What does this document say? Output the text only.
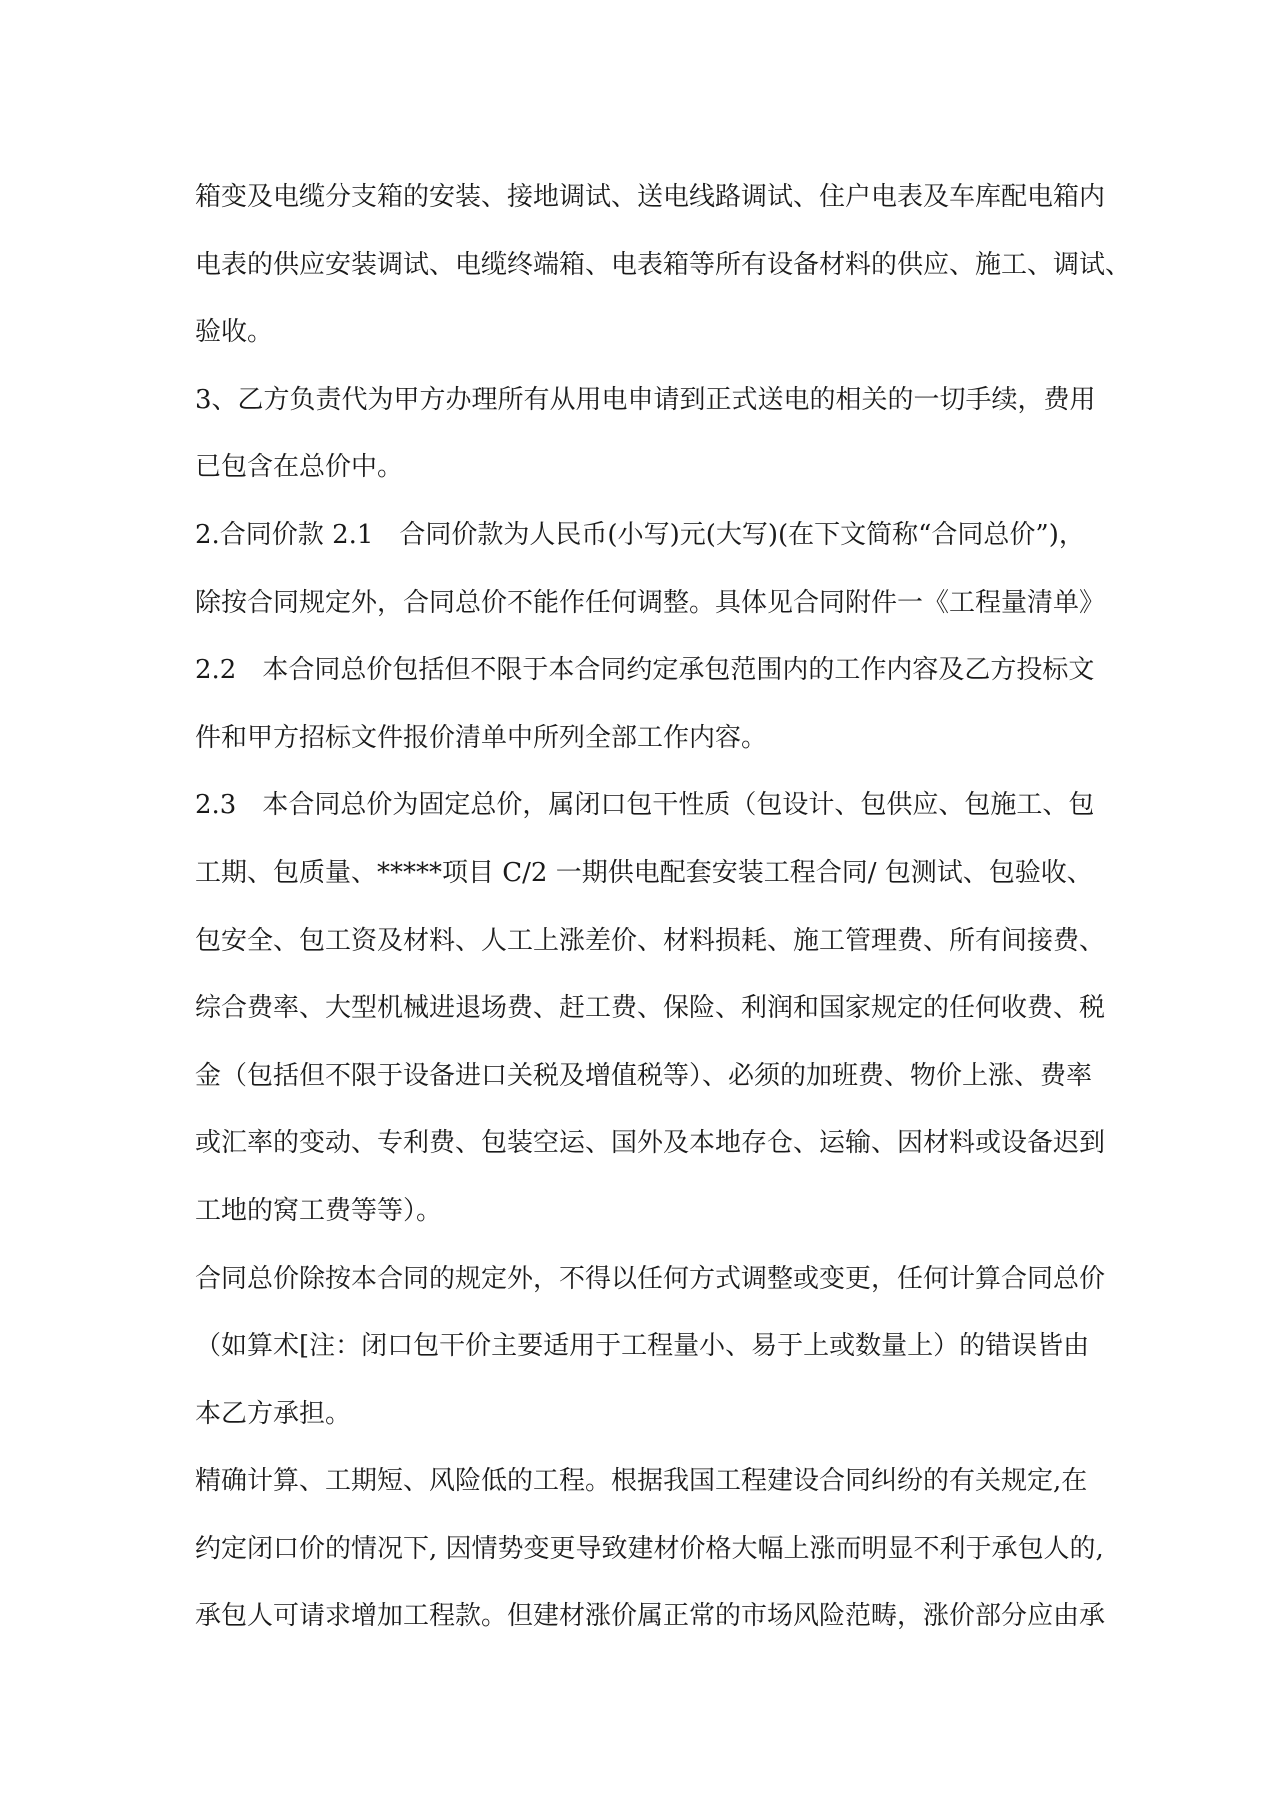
箱变及电缆分支箱的安装、接地调试、送电线路调试、住户电表及车库配电箱内
电表的供应安装调试、电缆终端箱、电表箱等所有设备材料的供应、施工、调试、
验收。
3、乙方负责代为甲方办理所有从用电申请到正式送电的相关的一切手续，费用
已包含在总价中。
2.合同价款 2.1　合同价款为人民币(小写)元(大写)(在下文简称“合同总价”)，
除按合同规定外，合同总价不能作任何调整。具体见合同附件一《工程量清单》
2.2　本合同总价包括但不限于本合同约定承包范围内的工作内容及乙方投标文
件和甲方招标文件报价清单中所列全部工作内容。
2.3　本合同总价为固定总价，属闭口包干性质（包设计、包供应、包施工、包
工期、包质量、*****项目 C/2 一期供电配套安装工程合同/ 包测试、包验收、
包安全、包工资及材料、人工上涨差价、材料损耗、施工管理费、所有间接费、
综合费率、大型机械进退场费、赶工费、保险、利润和国家规定的任何收费、税
金（包括但不限于设备进口关税及增值税等）、必须的加班费、物价上涨、费率
或汇率的变动、专利费、包装空运、国外及本地存仓、运输、因材料或设备迟到
工地的窝工费等等）。
合同总价除按本合同的规定外，不得以任何方式调整或变更，任何计算合同总价
（如算术[注：闭口包干价主要适用于工程量小、易于上或数量上）的错误皆由
本乙方承担。
精确计算、工期短、风险低的工程。根据我国工程建设合同纠纷的有关规定,在
约定闭口价的情况下, 因情势变更导致建材价格大幅上涨而明显不利于承包人的,
承包人可请求增加工程款。但建材涨价属正常的市场风险范畴，涨价部分应由承
